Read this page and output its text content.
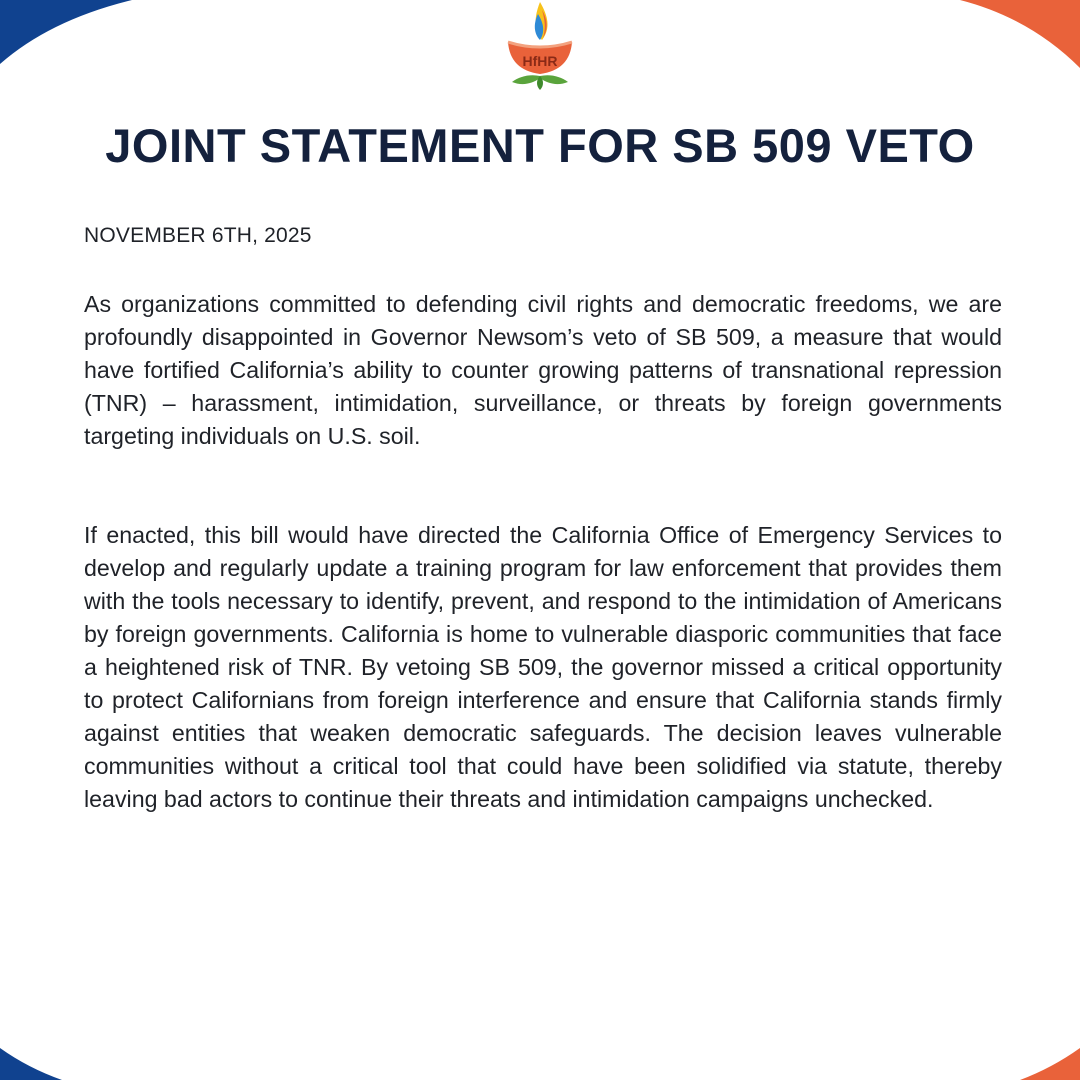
HfHR
JOINT STATEMENT FOR SB 509 VETO

NOVEMBER 6TH, 2025

As organizations committed to defending civil rights and democratic freedoms, we are profoundly disappointed in Governor Newsom’s veto of SB 509, a measure that would have fortified California’s ability to counter growing patterns of transnational repression (TNR) – harassment, intimidation, surveillance, or threats by foreign governments targeting individuals on U.S. soil.

If enacted, this bill would have directed the California Office of Emergency Services to develop and regularly update a training program for law enforcement that provides them with the tools necessary to identify, prevent, and respond to the intimidation of Americans by foreign governments. California is home to vulnerable diasporic communities that face a heightened risk of TNR. By vetoing SB 509, the governor missed a critical opportunity to protect Californians from foreign interference and ensure that California stands firmly against entities that weaken democratic safeguards. The decision leaves vulnerable communities without a critical tool that could have been solidified via statute, thereby leaving bad actors to continue their threats and intimidation campaigns unchecked.
